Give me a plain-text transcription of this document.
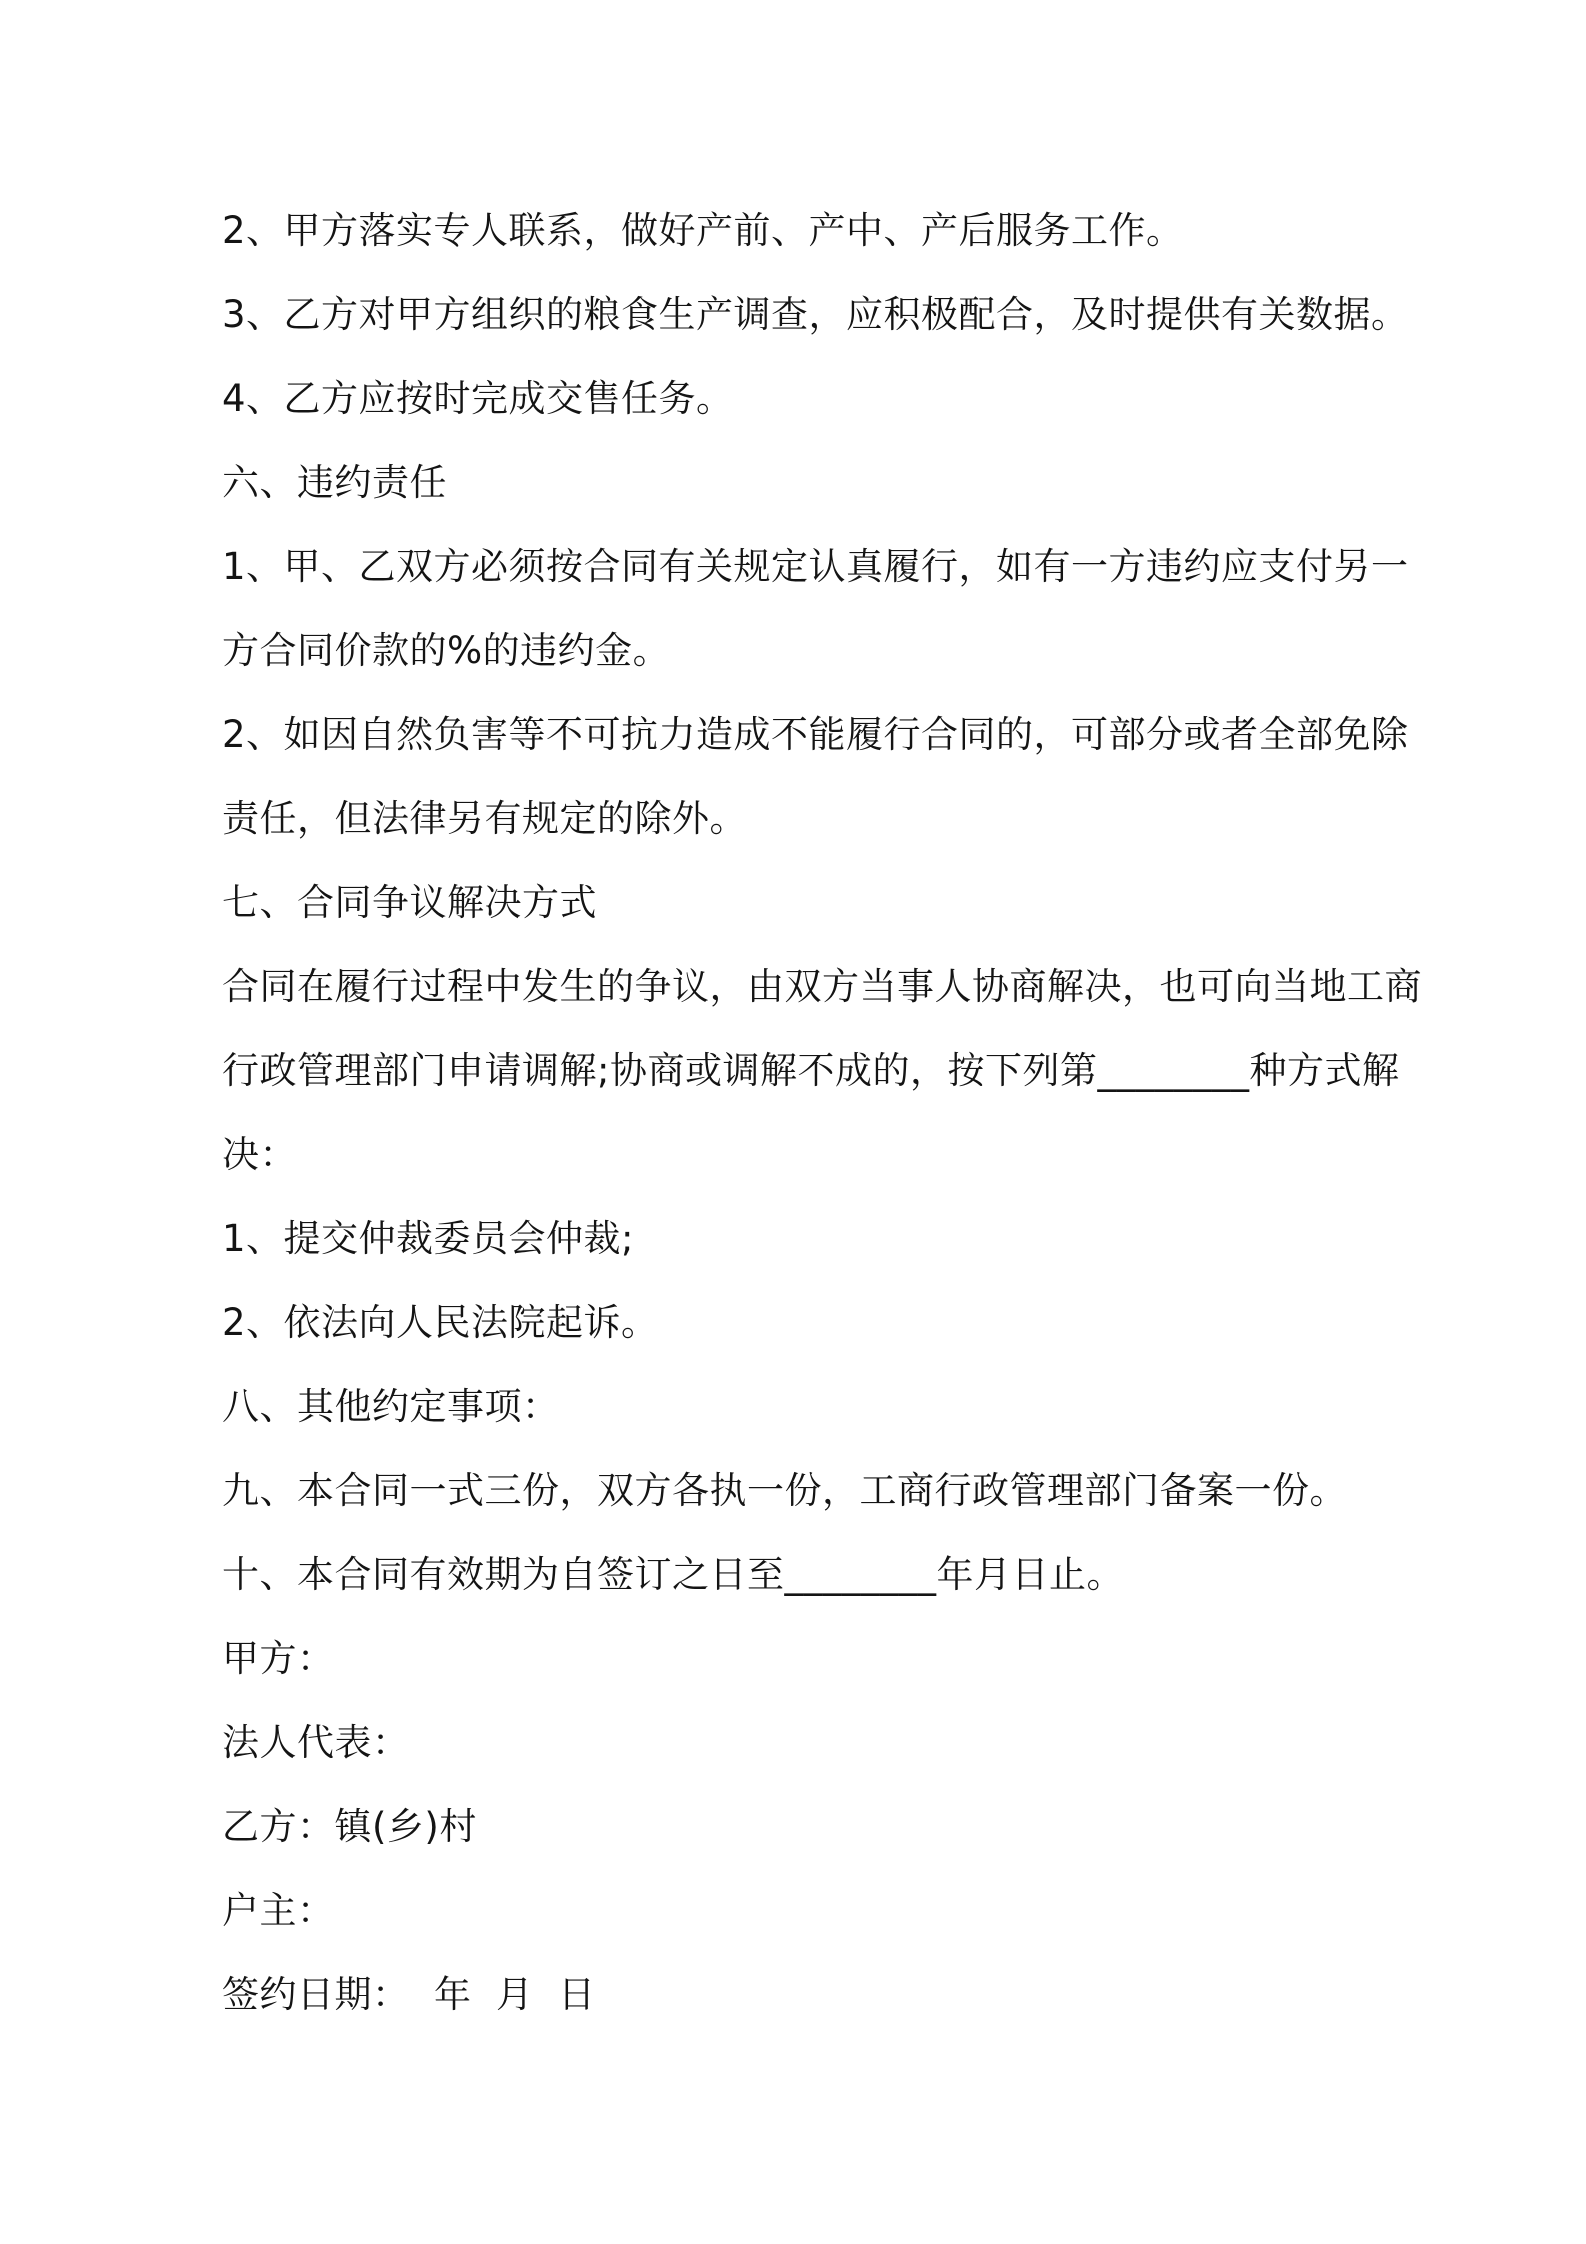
2、甲方落实专人联系，做好产前、产中、产后服务工作。
3、乙方对甲方组织的粮食生产调查，应积极配合，及时提供有关数据。
4、乙方应按时完成交售任务。
六、违约责任
1、甲、乙双方必须按合同有关规定认真履行，如有一方违约应支付另一
方合同价款的%的违约金。
2、如因自然负害等不可抗力造成不能履行合同的，可部分或者全部免除
责任，但法律另有规定的除外。
七、合同争议解决方式
合同在履行过程中发生的争议，由双方当事人协商解决，也可向当地工商
行政管理部门申请调解;协商或调解不成的，按下列第________种方式解
决：
1、提交仲裁委员会仲裁;
2、依法向人民法院起诉。
八、其他约定事项：
九、本合同一式三份，双方各执一份，工商行政管理部门备案一份。
十、本合同有效期为自签订之日至________年月日止。
甲方：
法人代表：
乙方：镇(乡)村
户主：
签约日期：  年  月  日
